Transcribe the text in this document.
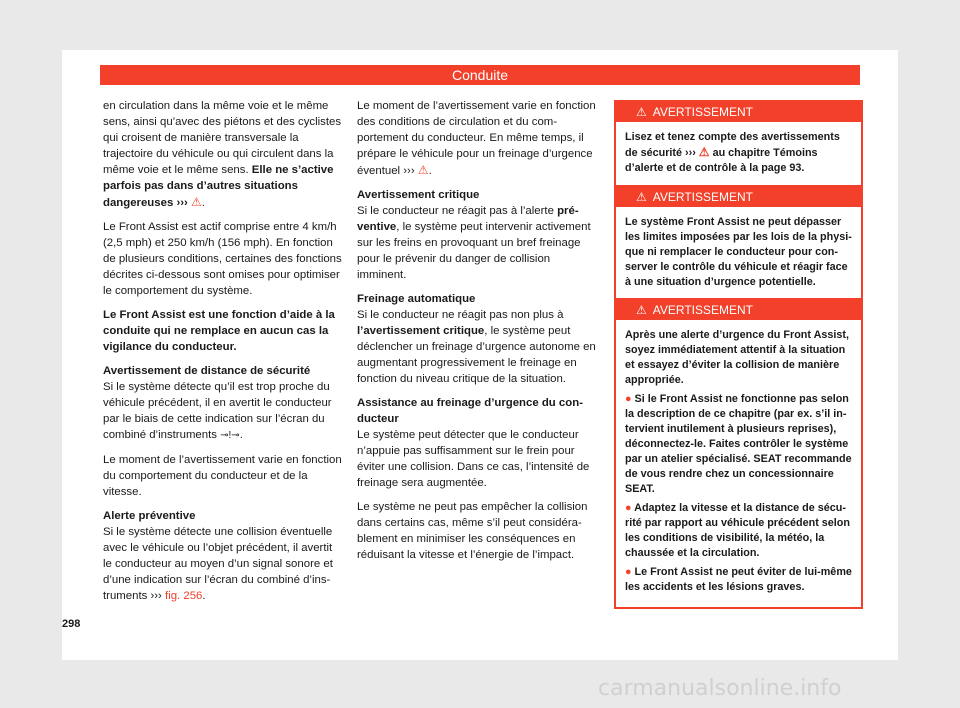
Conduite

en circulation dans la même voie et le même sens, ainsi qu’avec des piétons et des cyclistes qui croisent de manière transversale la trajectoire du véhicule ou qui circulent dans la même voie et le même sens. Elle ne s’active parfois pas dans d’autres situations dangereuses ››› ⚠.

Le Front Assist est actif comprise entre 4 km/h (2,5 mph) et 250 km/h (156 mph). En fonction de plusieurs conditions, certaines des fonctions décrites ci-dessous sont omises pour optimiser le comportement du système.

Le Front Assist est une fonction d’aide à la conduite qui ne remplace en aucun cas la vigilance du conducteur.

Avertissement de distance de sécurité

Si le système détecte qu’il est trop proche du véhicule précédent, il en avertit le conducteur par le biais de cette indication sur l’écran du combiné d’instruments ⊸!⊸.

Le moment de l’avertissement varie en fonction du comportement du conducteur et de la vitesse.

Alerte préventive

Si le système détecte une collision éventuelle avec le véhicule ou l’objet précédent, il avertit le conducteur au moyen d’un signal sonore et d’une indication sur l’écran du combiné d’instruments ››› fig. 256.

Le moment de l’avertissement varie en fonction des conditions de circulation et du comportement du conducteur. En même temps, il prépare le véhicule pour un freinage d’urgence éventuel ››› ⚠.

Avertissement critique

Si le conducteur ne réagit pas à l’alerte préventive, le système peut intervenir activement sur les freins en provoquant un bref freinage pour le prévenir du danger de collision imminent.

Freinage automatique

Si le conducteur ne réagit pas non plus à l’avertissement critique, le système peut déclencher un freinage d’urgence autonome en augmentant progressivement le freinage en fonction du niveau critique de la situation.

Assistance au freinage d’urgence du conducteur

Le système peut détecter que le conducteur n’appuie pas suffisamment sur le frein pour éviter une collision. Dans ce cas, l’intensité de freinage sera augmentée.

Le système ne peut pas empêcher la collision dans certains cas, même s’il peut considérablement en minimiser les conséquences en réduisant la vitesse et l’énergie de l’impact.

⚠ AVERTISSEMENT

Lisez et tenez compte des avertissements de sécurité ››› ⚠ au chapitre Témoins d’alerte et de contrôle à la page 93.

⚠ AVERTISSEMENT

Le système Front Assist ne peut dépasser les limites imposées par les lois de la physique ni remplacer le conducteur pour conserver le contrôle du véhicule et réagir face à une situation d’urgence potentielle.

⚠ AVERTISSEMENT

Après une alerte d’urgence du Front Assist, soyez immédiatement attentif à la situation et essayez d’éviter la collision de manière appropriée.

● Si le Front Assist ne fonctionne pas selon la description de ce chapitre (par ex. s’il intervient inutilement à plusieurs reprises), déconnectez-le. Faites contrôler le système par un atelier spécialisé. SEAT recommande de vous rendre chez un concessionnaire SEAT.

● Adaptez la vitesse et la distance de sécurité par rapport au véhicule précédent selon les conditions de visibilité, la météo, la chaussée et la circulation.

● Le Front Assist ne peut éviter de lui-même les accidents et les lésions graves.

298
carmanualsonline.info
